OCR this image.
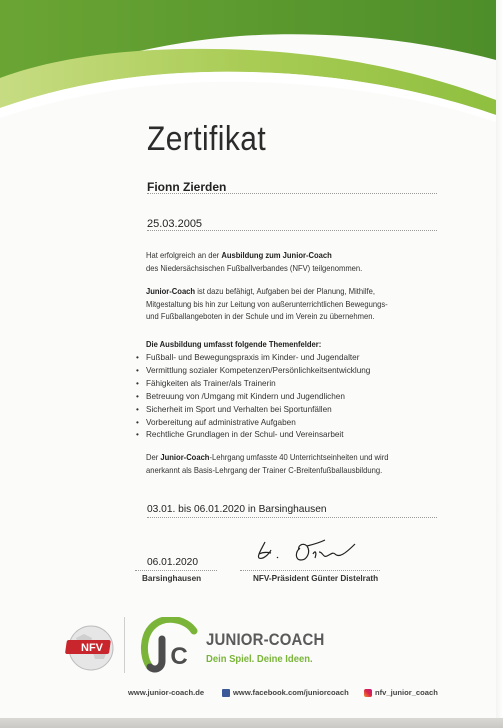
Zertifikat
Fionn Zierden
25.03.2005
Hat erfolgreich an der Ausbildung zum Junior-Coach
des Niedersächsischen Fußballverbandes (NFV) teilgenommen.
Junior-Coach ist dazu befähigt, Aufgaben bei der Planung, Mithilfe,
Mitgestaltung bis hin zur Leitung von außerunterrichtlichen Bewegungs-
und Fußballangeboten in der Schule und im Verein zu übernehmen.
Die Ausbildung umfasst folgende Themenfelder:
• Fußball- und Bewegungspraxis im Kinder- und Jugendalter
• Vermittlung sozialer Kompetenzen/Persönlichkeitsentwicklung
• Fähigkeiten als Trainer/als Trainerin
• Betreuung von /Umgang mit Kindern und Jugendlichen
• Sicherheit im Sport und Verhalten bei Sportunfällen
• Vorbereitung auf administrative Aufgaben
• Rechtliche Grundlagen in der Schul- und Vereinsarbeit
Der Junior-Coach-Lehrgang umfasste 40 Unterrichtseinheiten und wird
anerkannt als Basis-Lehrgang der Trainer C-Breitenfußballausbildung.
03.01. bis 06.01.2020 in Barsinghausen
06.01.2020
Barsinghausen	NFV-Präsident Günter Distelrath
NFV	C
JUNIOR-COACH
Dein Spiel. Deine Ideen.
www.junior-coach.de	www.facebook.com/juniorcoach	nfv_junior_coach
